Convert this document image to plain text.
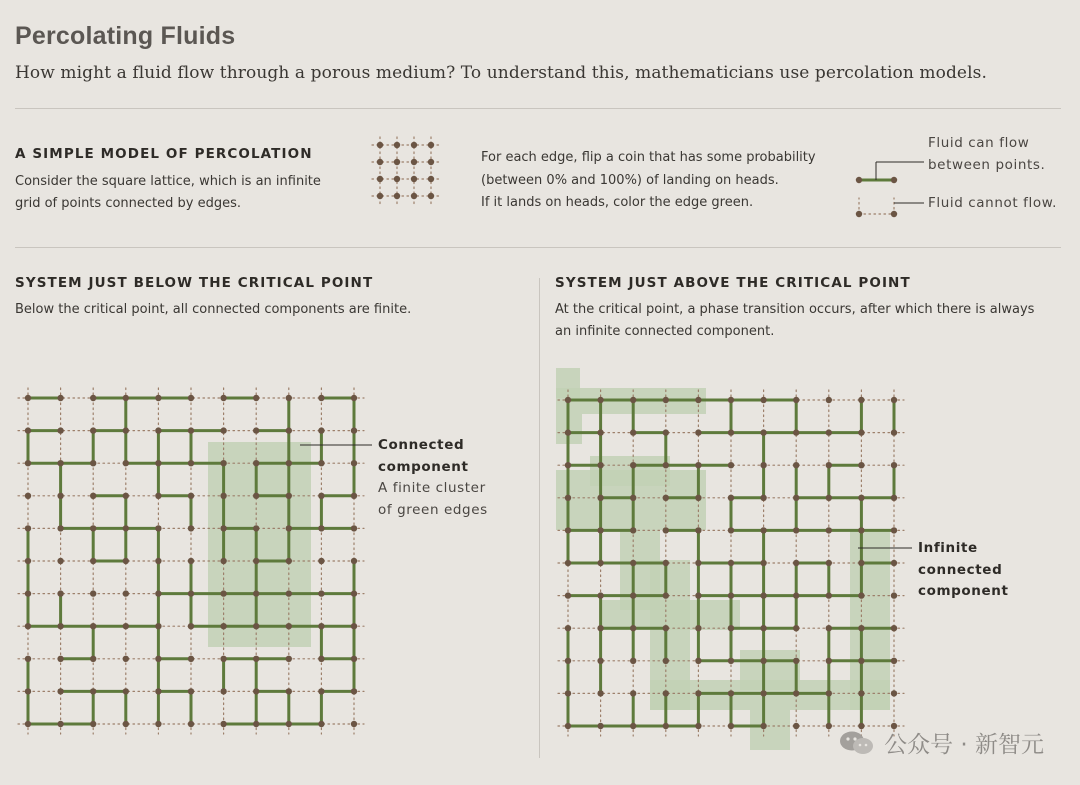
Percolating Fluids
How might a fluid flow through a porous medium? To understand this, mathematicians use percolation models.
A SIMPLE MODEL OF PERCOLATION
Consider the square lattice, which is an infinite
grid of points connected by edges.
For each edge, flip a coin that has some probability
(between 0% and 100%) of landing on heads.
If it lands on heads, color the edge green.
Fluid can flow
between points.
Fluid cannot flow.
SYSTEM JUST BELOW THE CRITICAL POINT
Below the critical point, all connected components are finite.
Connected
component
A finite cluster
of green edges
SYSTEM JUST ABOVE THE CRITICAL POINT
At the critical point, a phase transition occurs, after which there is always
an infinite connected component.
Infinite
connected
component
公众号 · 新智元
